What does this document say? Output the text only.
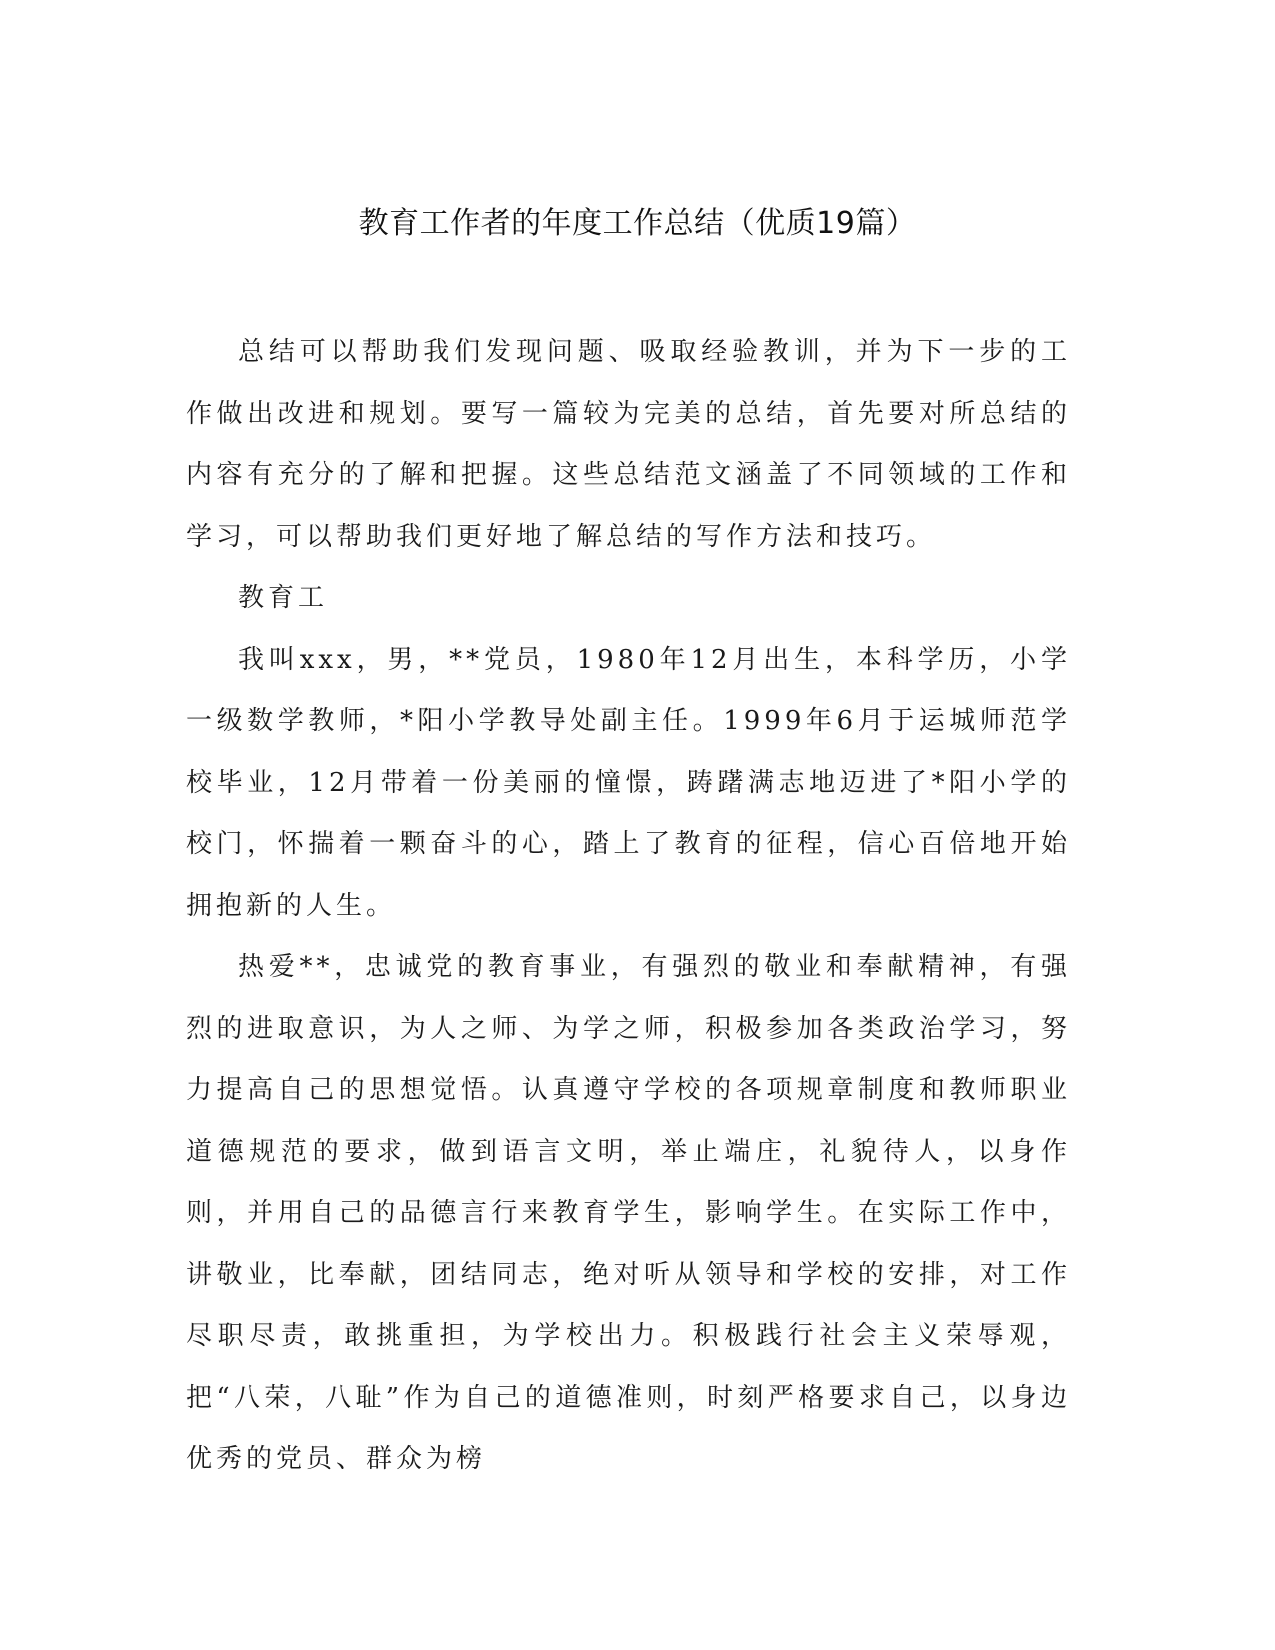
教育工作者的年度工作总结（优质19篇）

总结可以帮助我们发现问题、吸取经验教训，并为下一步的工作做出改进和规划。要写一篇较为完美的总结，首先要对所总结的内容有充分的了解和把握。这些总结范文涵盖了不同领域的工作和学习，可以帮助我们更好地了解总结的写作方法和技巧。

教育工

我叫xxx，男，**党员，1980年12月出生，本科学历，小学一级数学教师，*阳小学教导处副主任。1999年6月于运城师范学校毕业，12月带着一份美丽的憧憬，踌躇满志地迈进了*阳小学的校门，怀揣着一颗奋斗的心，踏上了教育的征程，信心百倍地开始拥抱新的人生。

热爱**，忠诚党的教育事业，有强烈的敬业和奉献精神，有强烈的进取意识，为人之师、为学之师，积极参加各类政治学习，努力提高自己的思想觉悟。认真遵守学校的各项规章制度和教师职业道德规范的要求，做到语言文明，举止端庄，礼貌待人，以身作则，并用自己的品德言行来教育学生，影响学生。在实际工作中，讲敬业，比奉献，团结同志，绝对听从领导和学校的安排，对工作尽职尽责，敢挑重担，为学校出力。积极践行社会主义荣辱观，把“八荣，八耻”作为自己的道德准则，时刻严格要求自己，以身边优秀的党员、群众为榜
